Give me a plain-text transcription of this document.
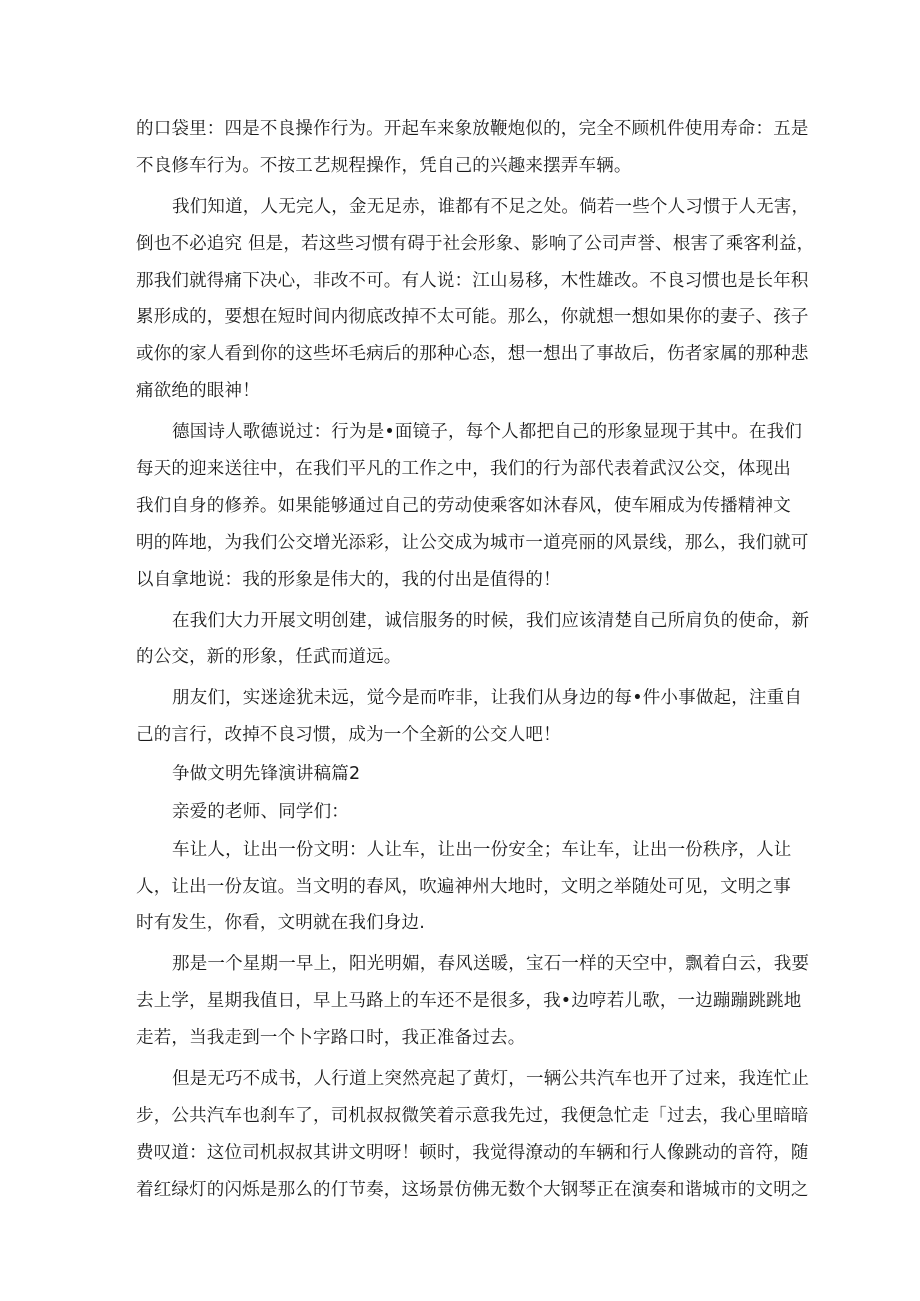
的口袋里：四是不良操作行为。开起车来象放鞭炮似的，完全不顾机件使用寿命：五是
不良修车行为。不按工艺规程操作，凭自己的兴趣来摆弄车辆。
我们知道，人无完人，金无足赤，谁都有不足之处。倘若一些个人习惯于人无害，
倒也不必追究 但是，若这些习惯有碍于社会形象、影响了公司声誉、根害了乘客利益，
那我们就得痛下决心，非改不可。有人说：江山易移，木性雄改。不良习惯也是长年积
累形成的，要想在短时间内彻底改掉不太可能。那么，你就想一想如果你的妻子、孩子
或你的家人看到你的这些坏毛病后的那种心态，想一想出了事故后，伤者家属的那种悲
痛欲绝的眼神！
德国诗人歌德说过：行为是•面镜子，每个人都把自己的形象显现于其中。在我们
每天的迎来送往中，在我们平凡的工作之中，我们的行为部代表着武汉公交，体现出
我们自身的修养。如果能够通过自己的劳动使乘客如沐春风，使车厢成为传播精神文
明的阵地，为我们公交增光添彩，让公交成为城市一道亮丽的风景线，那么，我们就可
以自拿地说：我的形象是伟大的，我的付出是值得的！
在我们大力开展文明创建，诚信服务的时候，我们应该清楚自己所肩负的使命，新
的公交，新的形象，任武而道远。
朋友们，实迷途犹未远，觉今是而咋非，让我们从身边的每•件小事做起，注重自
己的言行，改掉不良习惯，成为一个全新的公交人吧！
争做文明先锋演讲稿篇2
亲爱的老师、同学们：
车让人，让出一份文明：人让车，让出一份安全；车让车，让出一份秩序，人让
人，让出一份友谊。当文明的春风，吹遍神州大地时，文明之举随处可见，文明之事
时有发生，你看，文明就在我们身边.
那是一个星期一早上，阳光明媚，春风送暖，宝石一样的天空中，飘着白云，我要
去上学，星期我值日，早上马路上的车还不是很多，我•边哼若儿歌，一边蹦蹦跳跳地
走若，当我走到一个卜字路口时，我正准备过去。
但是无巧不成书，人行道上突然亮起了黄灯，一辆公共汽车也开了过来，我连忙止
步，公共汽车也刹车了，司机叔叔微笑着示意我先过，我便急忙走「过去，我心里暗暗
费叹道：这位司机叔叔其讲文明呀！顿时，我觉得潦动的车辆和行人像跳动的音符，随
着红绿灯的闪烁是那么的仃节奏，这场景仿佛无数个大钢琴正在演奏和谐城市的文明之
